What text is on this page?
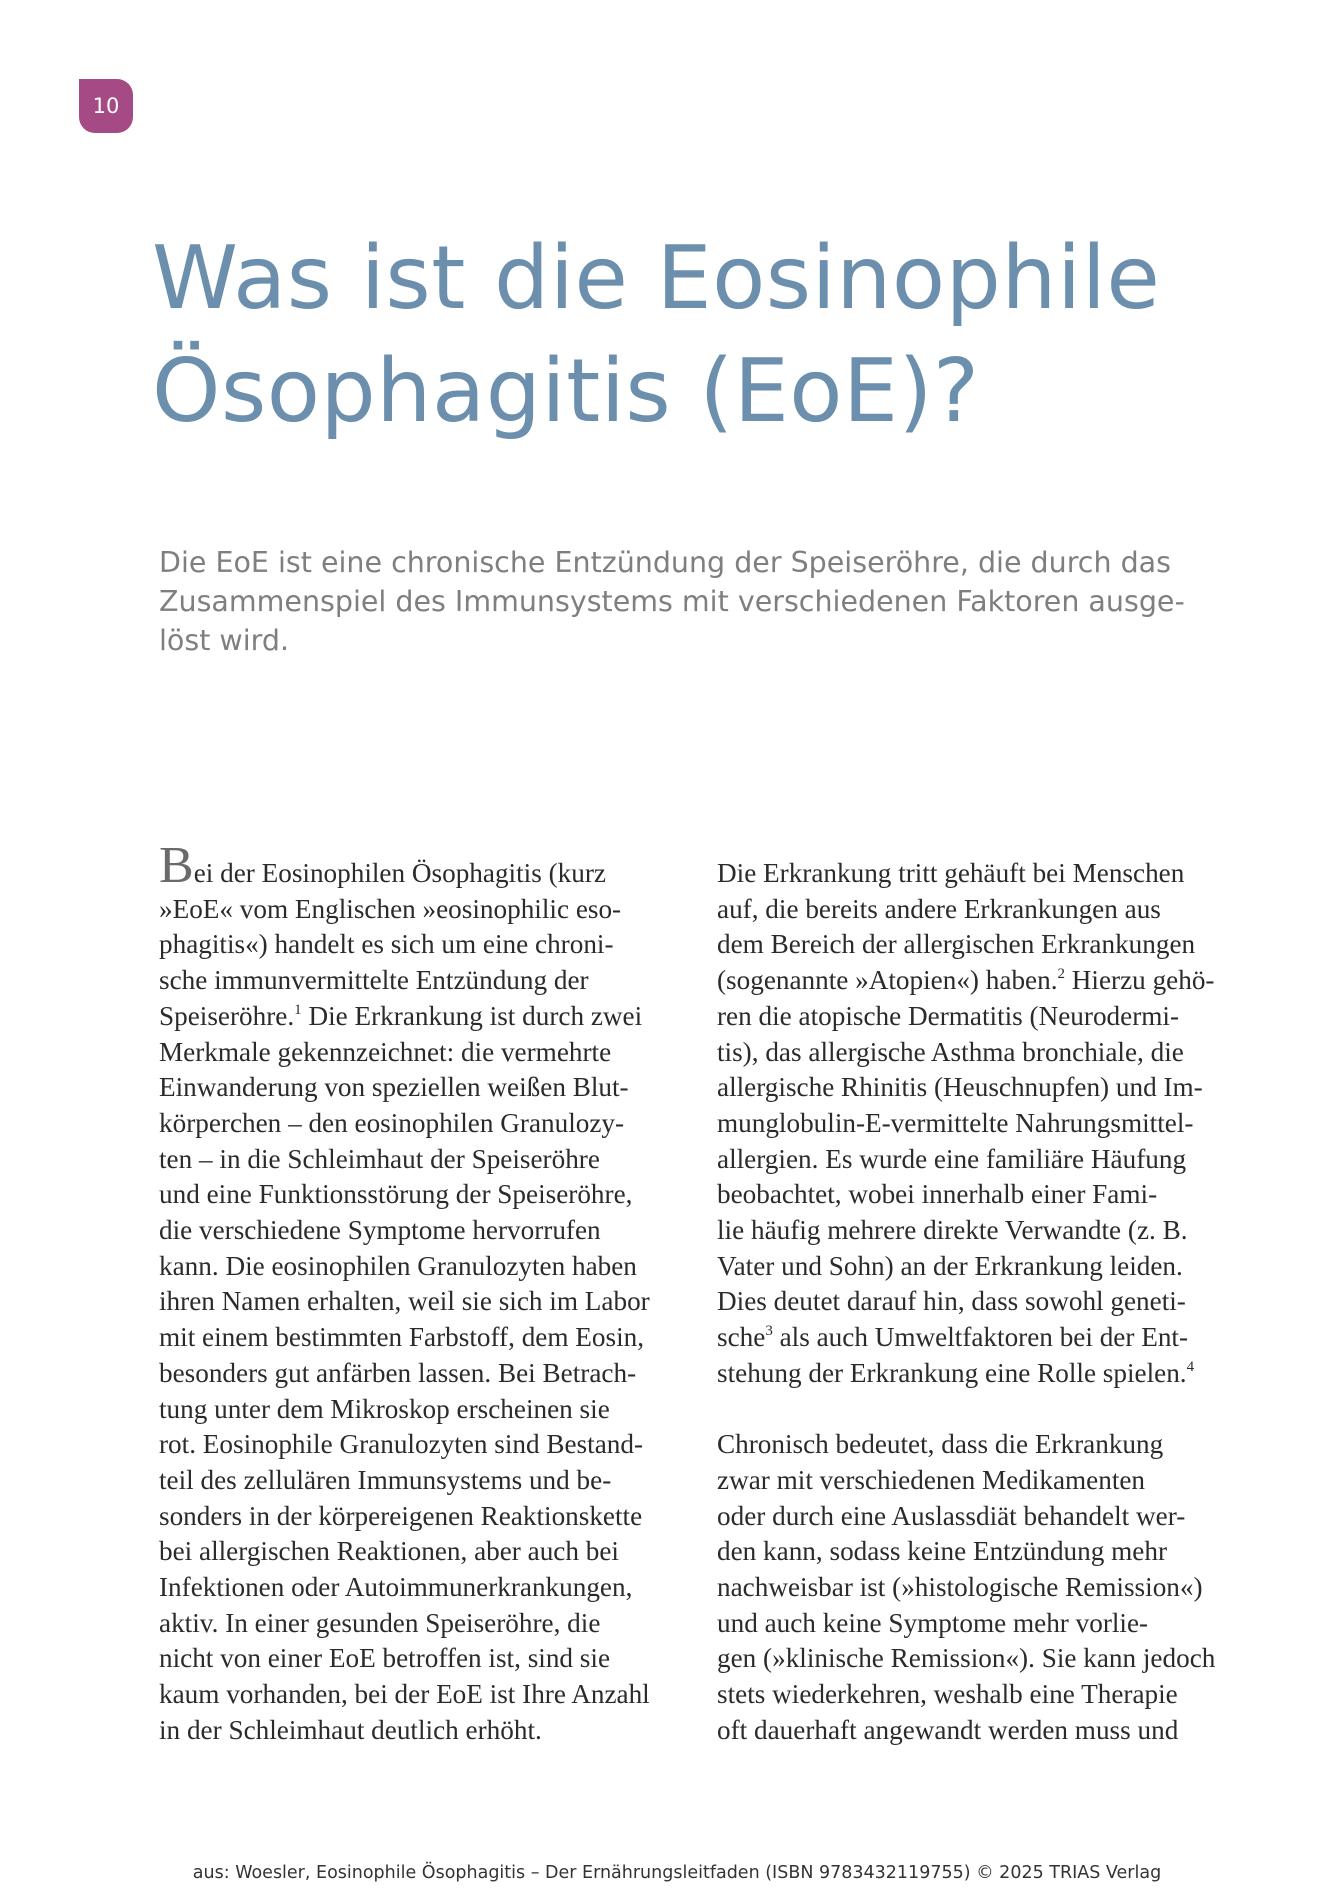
10
Was ist die Eosinophile
Ösophagitis (EoE)?

Die EoE ist eine chronische Entzündung der Speiseröhre, die durch das
Zusammenspiel des Immunsystems mit verschiedenen Faktoren ausge-
löst wird.

Bei der Eosinophilen Ösophagitis (kurz
»EoE« vom Englischen »eosinophilic eso-
phagitis«) handelt es sich um eine chroni-
sche immunvermittelte Entzündung der
Speiseröhre.$^1$ Die Erkrankung ist durch zwei
Merkmale gekennzeichnet: die vermehrte
Einwanderung von speziellen weißen Blut-
körperchen – den eosinophilen Granulozy-
ten – in die Schleimhaut der Speiseröhre
und eine Funktionsstörung der Speiseröhre,
die verschiedene Symptome hervorrufen
kann. Die eosinophilen Granulozyten haben
ihren Namen erhalten, weil sie sich im Labor
mit einem bestimmten Farbstoff, dem Eosin,
besonders gut anfärben lassen. Bei Betrach-
tung unter dem Mikroskop erscheinen sie
rot. Eosinophile Granulozyten sind Bestand-
teil des zellulären Immunsystems und be-
sonders in der körpereigenen Reaktionskette
bei allergischen Reaktionen, aber auch bei
Infektionen oder Autoimmunerkrankungen,
aktiv. In einer gesunden Speiseröhre, die
nicht von einer EoE betroffen ist, sind sie
kaum vorhanden, bei der EoE ist Ihre Anzahl
in der Schleimhaut deutlich erhöht.
Die Erkrankung tritt gehäuft bei Menschen
auf, die bereits andere Erkrankungen aus
dem Bereich der allergischen Erkrankungen
(sogenannte »Atopien«) haben.$^2$ Hierzu gehö-
ren die atopische Dermatitis (Neurodermi-
tis), das allergische Asthma bronchiale, die
allergische Rhinitis (Heuschnupfen) und Im-
munglobulin-E-vermittelte Nahrungsmittel-
allergien. Es wurde eine familiäre Häufung
beobachtet, wobei innerhalb einer Fami-
lie häufig mehrere direkte Verwandte (z. B.
Vater und Sohn) an der Erkrankung leiden.
Dies deutet darauf hin, dass sowohl geneti-
sche$^3$ als auch Umweltfaktoren bei der Ent-
stehung der Erkrankung eine Rolle spielen.$^4$
Chronisch bedeutet, dass die Erkrankung
zwar mit verschiedenen Medikamenten
oder durch eine Auslassdiät behandelt wer-
den kann, sodass keine Entzündung mehr
nachweisbar ist (»histologische Remission«)
und auch keine Symptome mehr vorlie-
gen (»klinische Remission«). Sie kann jedoch
stets wiederkehren, weshalb eine Therapie
oft dauerhaft angewandt werden muss und

aus: Woesler, Eosinophile Ösophagitis – Der Ernährungsleitfaden (ISBN 9783432119755) © 2025 TRIAS Verlag
